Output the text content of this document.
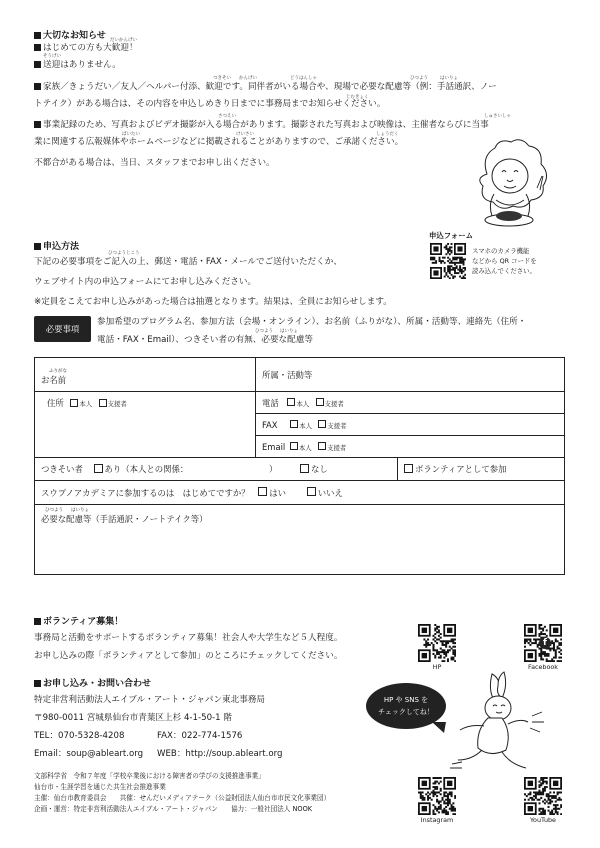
大切なお知らせ だいかんげい
はじめての方も大歓迎！
そうげい
送迎はありません。
つきそい かんげい	どうはんしゃ	ひつよう	はいりょ
家族／きょうだい／友人／ヘルパー付添、歓迎です。同伴者がいる場合や、現場で必要な配慮等（例：手話通訳、ノー
じむきょく
トテイク）がある場合は、その内容を申込しめきり日までに事務局までお知らせください。
さつえい	しゅさいしゃ
事業記録のため、写真およびビデオ撮影が入る場合があります。撮影された写真および映像は、主催者ならびに当事
ばいたい	けいさい	しょうだく
業に関連する広報媒体やホームページなどに掲載されることがありますので、ご承諾ください。
不都合がある場合は、当日、スタッフまでお申し出ください。
申込方法
ひつようじこう
下記の必要事項をご記入の上、郵送・電話・FAX・メールでご送付いただくか、
ウェブサイト内の申込フォームにてお申し込みください。
※定員をこえてお申し込みがあった場合は抽選となります。結果は、全員にお知らせします。
必要事項
参加希望のプログラム名、参加方法（会場・オンライン）、お名前（ふりがな）、所属・活動等、連絡先（住所・
ひつよう はいりょ
電話・FAX・Email）、つきそい者の有無、必要な配慮等
申込フォーム
スマホのカメラ機能
などから QR コードを
読み込んでください。
ふりがな
お名前	所属・活動等	
住所 本人　 支援者	電話 本人　 支援者	
	FAX 本人　 支援者	
	Email 本人　 支援者	
つきそい者 あり（本人との関係： ） なし		ボランティアとして参加
スウプノアカデミアに参加するのは　はじめてですか？ はい いいえ		

ひつよう はいりょ
必要な配慮等（手話通訳・ノートテイク等）		
ボランティア募集！
事務局と活動をサポートするボランティア募集！社会人や大学生など５人程度。
お申し込みの際「ボランティアとして参加」のところにチェックしてください。
お申し込み・お問い合わせ
特定非営利活動法人エイブル・アート・ジャパン東北事務局
〒980-0011 宮城県仙台市青葉区上杉 4-1-50-1 階
TEL：070-5328-4208	FAX：022-774-1576
Email：soup@ableart.org WEB：http://soup.ableart.org
文部科学省　令和７年度「学校卒業後における障害者の学びの支援推進事業」
仙台市・生涯学習を通じた共生社会推進事業
主催：仙台市教育委員会　　共催：せんだいメディアテーク（公益財団法人仙台市市民文化事業団）
企画・運営：特定非営利活動法人エイブル・アート・ジャパン　　協力：一般社団法人 NOOK
HP
f
Facebook
Instagram	YouTube
HP や SNS を
チェックしてね！
